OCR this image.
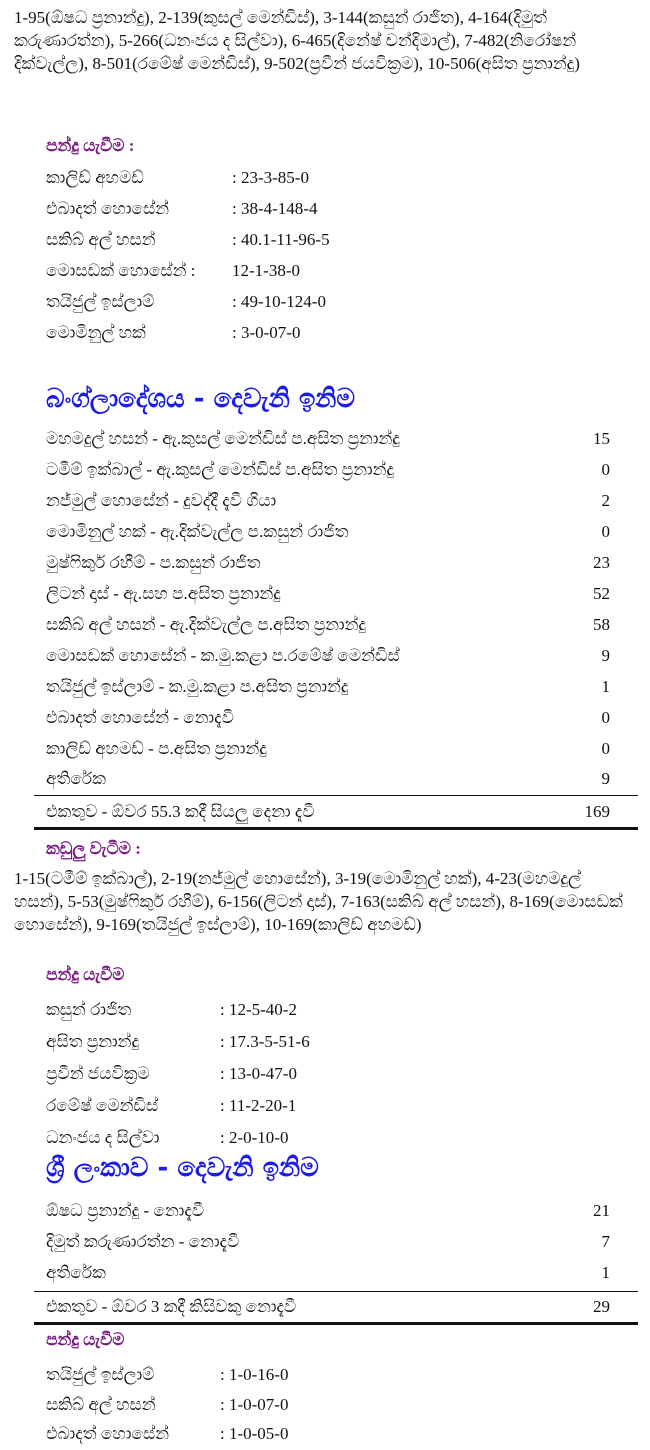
1-95(ඕෂධ ප්‍රනාන්දු), 2-139(කුසල් මෙන්ඩිස්), 3-144(කසුන් රාජිත), 4-164(දිමුත් කරුණාරත්න), 5-266(ධනංජය ද සිල්වා), 6-465(දිනේෂ් චන්දිමාල්), 7-482(නිරෝෂන් දික්වැල්ල), 8-501(රමේෂ් මෙන්ඩිස්), 9-502(ප්‍රවීන් ජයවික්‍රම), 10-506(අසිත ප්‍රනාන්දු)
පන්දු යැවීම :
කාලිඩ් අහමඩ්	: 23-3-85-0
එබාදත් හොසේන්	: 38-4-148-4
සකිබ් අල් හසන්	: 40.1-11-96-5
මොසඩක් හොසේන් : 12-1-38-0
තයිජුල් ඉස්ලාම්	: 49-10-124-0
මොමිනුල් හක්	: 3-0-07-0
බංග්ලාදේශය - දෙවැනි ඉනිම
මහමදුල් හසන් - ඇ.කුසල් මෙන්ඩිස් ප.අසිත ප්‍රනාන්දු	15
ටමීම් ඉක්බාල් - ඇ.කුසල් මෙන්ඩිස් ප.අසිත ප්‍රනාන්දු	0
නජ්මුල් හොසේන් - දුවද්දී දැවී ගියා	2
මොමිනුල් හක් - ඇ.දික්වැල්ල ප.කසුන් රාජිත	0
මුෂ්ෆිකුර් රහීම් - ප.කසුන් රාජිත	23
ලිටන් දාස් - ඇ.සහ ප.අසිත ප්‍රනාන්දු	52
සකිබ් අල් හසන් - ඇ.දික්වැල්ල ප.අසිත ප්‍රනාන්දු	58
මොසඩක් හොසේන් - ක.මු.කළා ප.රමේෂ් මෙන්ඩිස්	9
තයිජුල් ඉස්ලාම් - ක.මු.කළා ප.අසිත ප්‍රනාන්දු	1
එබාදත් හොසේන් - නොදැවී	0
කාලිඩ් අහමඩ් - ප.අසිත ප්‍රනාන්දු	0
අතිරේක	9
එකතුව - ඕවර 55.3 කදී සියලු දෙනා දැවී	169
කඩුලු වැටීම :
1-15(ටමීම් ඉක්බාල්), 2-19(නජ්මුල් හොසේන්), 3-19(මොමිනුල් හක්), 4-23(මහමදුල් හසන්), 5-53(මුෂ්ෆිකුර් රහීම්), 6-156(ලිටන් දාස්), 7-163(සකිබ් අල් හසන්), 8-169(මොසඩක් හොසේන්), 9-169(තයිජුල් ඉස්ලාම්), 10-169(කාලිඩ් අහමඩ්)
පන්දු යැවීම
කසුන් රාජිත	: 12-5-40-2
අසිත ප්‍රනාන්දු	: 17.3-5-51-6
ප්‍රවීන් ජයවික්‍රම	: 13-0-47-0
රමේෂ් මෙන්ඩිස්	: 11-2-20-1
ධනංජය ද සිල්වා	: 2-0-10-0
ශ්‍රී ලංකාව - දෙවැනි ඉනිම
ඕෂධ ප්‍රනාන්දු - නොදැවී	21
දිමුත් කරුණාරත්න - නොදැවී	7
අතිරේක	1
එකතුව - ඕවර 3 කදී කිසිවකු නොදැවී	29
පන්දු යැවීම
තයිජුල් ඉස්ලාම්	: 1-0-16-0
සකිබ් අල් හසන්	: 1-0-07-0
එබාදත් හොසේන්	: 1-0-05-0
